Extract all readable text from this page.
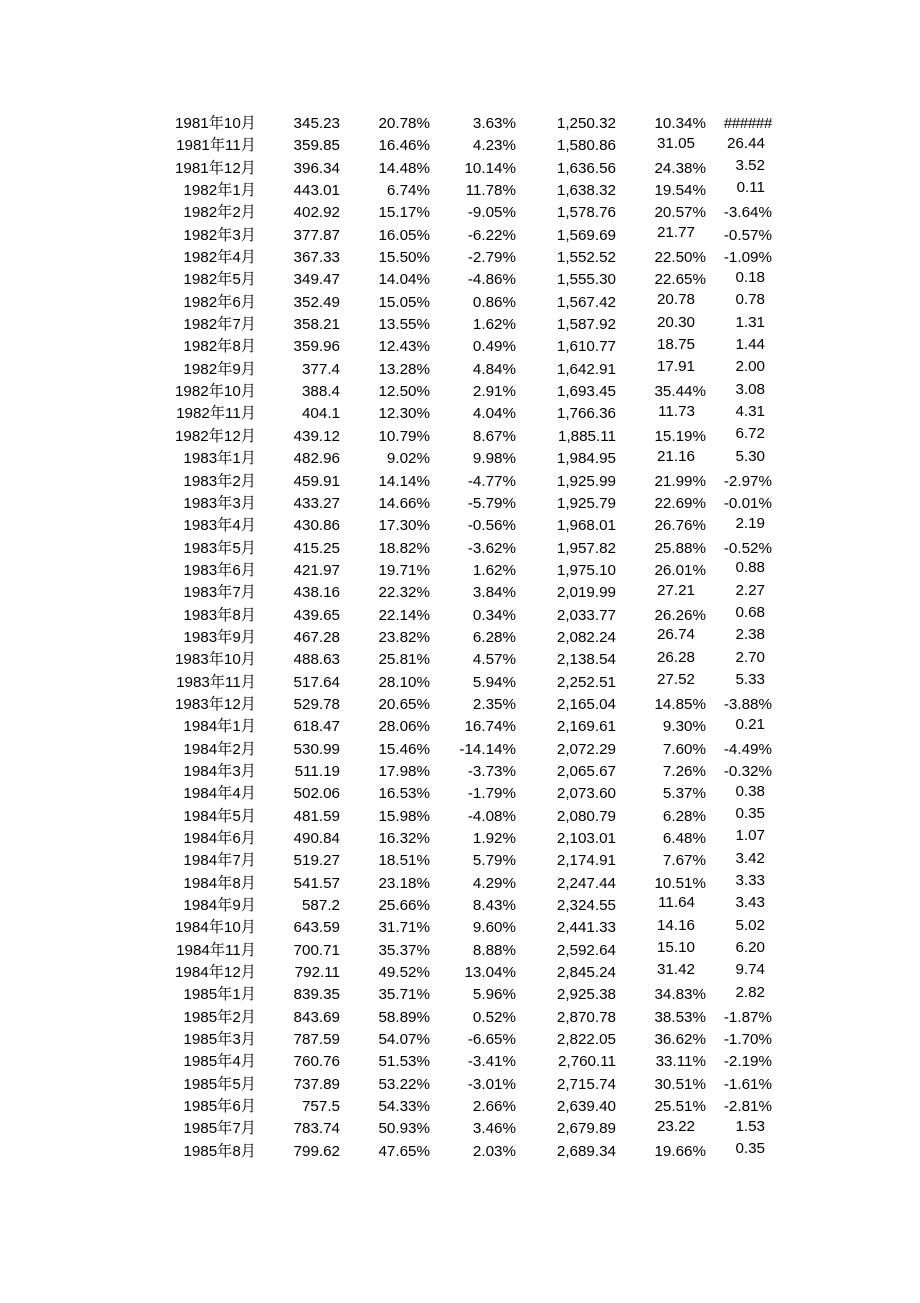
1981年10月	345.23	20.78%	3.63%	1,250.32	10.34%	######
1981年11月	359.85	16.46%	4.23%	1,580.86	31.05	26.44
1981年12月	396.34	14.48%	10.14%	1,636.56	24.38%	3.52
1982年1月	443.01	6.74%	11.78%	1,638.32	19.54%	0.11
1982年2月	402.92	15.17%	-9.05%	1,578.76	20.57%	-3.64%
1982年3月	377.87	16.05%	-6.22%	1,569.69	21.77	-0.57%
1982年4月	367.33	15.50%	-2.79%	1,552.52	22.50%	-1.09%
1982年5月	349.47	14.04%	-4.86%	1,555.30	22.65%	0.18
1982年6月	352.49	15.05%	0.86%	1,567.42	20.78	0.78
1982年7月	358.21	13.55%	1.62%	1,587.92	20.30	1.31
1982年8月	359.96	12.43%	0.49%	1,610.77	18.75	1.44
1982年9月	377.4	13.28%	4.84%	1,642.91	17.91	2.00
1982年10月	388.4	12.50%	2.91%	1,693.45	35.44%	3.08
1982年11月	404.1	12.30%	4.04%	1,766.36	11.73	4.31
1982年12月	439.12	10.79%	8.67%	1,885.11	15.19%	6.72
1983年1月	482.96	9.02%	9.98%	1,984.95	21.16	5.30
1983年2月	459.91	14.14%	-4.77%	1,925.99	21.99%	-2.97%
1983年3月	433.27	14.66%	-5.79%	1,925.79	22.69%	-0.01%
1983年4月	430.86	17.30%	-0.56%	1,968.01	26.76%	2.19
1983年5月	415.25	18.82%	-3.62%	1,957.82	25.88%	-0.52%
1983年6月	421.97	19.71%	1.62%	1,975.10	26.01%	0.88
1983年7月	438.16	22.32%	3.84%	2,019.99	27.21	2.27
1983年8月	439.65	22.14%	0.34%	2,033.77	26.26%	0.68
1983年9月	467.28	23.82%	6.28%	2,082.24	26.74	2.38
1983年10月	488.63	25.81%	4.57%	2,138.54	26.28	2.70
1983年11月	517.64	28.10%	5.94%	2,252.51	27.52	5.33
1983年12月	529.78	20.65%	2.35%	2,165.04	14.85%	-3.88%
1984年1月	618.47	28.06%	16.74%	2,169.61	9.30%	0.21
1984年2月	530.99	15.46%	-14.14%	2,072.29	7.60%	-4.49%
1984年3月	511.19	17.98%	-3.73%	2,065.67	7.26%	-0.32%
1984年4月	502.06	16.53%	-1.79%	2,073.60	5.37%	0.38
1984年5月	481.59	15.98%	-4.08%	2,080.79	6.28%	0.35
1984年6月	490.84	16.32%	1.92%	2,103.01	6.48%	1.07
1984年7月	519.27	18.51%	5.79%	2,174.91	7.67%	3.42
1984年8月	541.57	23.18%	4.29%	2,247.44	10.51%	3.33
1984年9月	587.2	25.66%	8.43%	2,324.55	11.64	3.43
1984年10月	643.59	31.71%	9.60%	2,441.33	14.16	5.02
1984年11月	700.71	35.37%	8.88%	2,592.64	15.10	6.20
1984年12月	792.11	49.52%	13.04%	2,845.24	31.42	9.74
1985年1月	839.35	35.71%	5.96%	2,925.38	34.83%	2.82
1985年2月	843.69	58.89%	0.52%	2,870.78	38.53%	-1.87%
1985年3月	787.59	54.07%	-6.65%	2,822.05	36.62%	-1.70%
1985年4月	760.76	51.53%	-3.41%	2,760.11	33.11%	-2.19%
1985年5月	737.89	53.22%	-3.01%	2,715.74	30.51%	-1.61%
1985年6月	757.5	54.33%	2.66%	2,639.40	25.51%	-2.81%
1985年7月	783.74	50.93%	3.46%	2,679.89	23.22	1.53
1985年8月	799.62	47.65%	2.03%	2,689.34	19.66%	0.35
